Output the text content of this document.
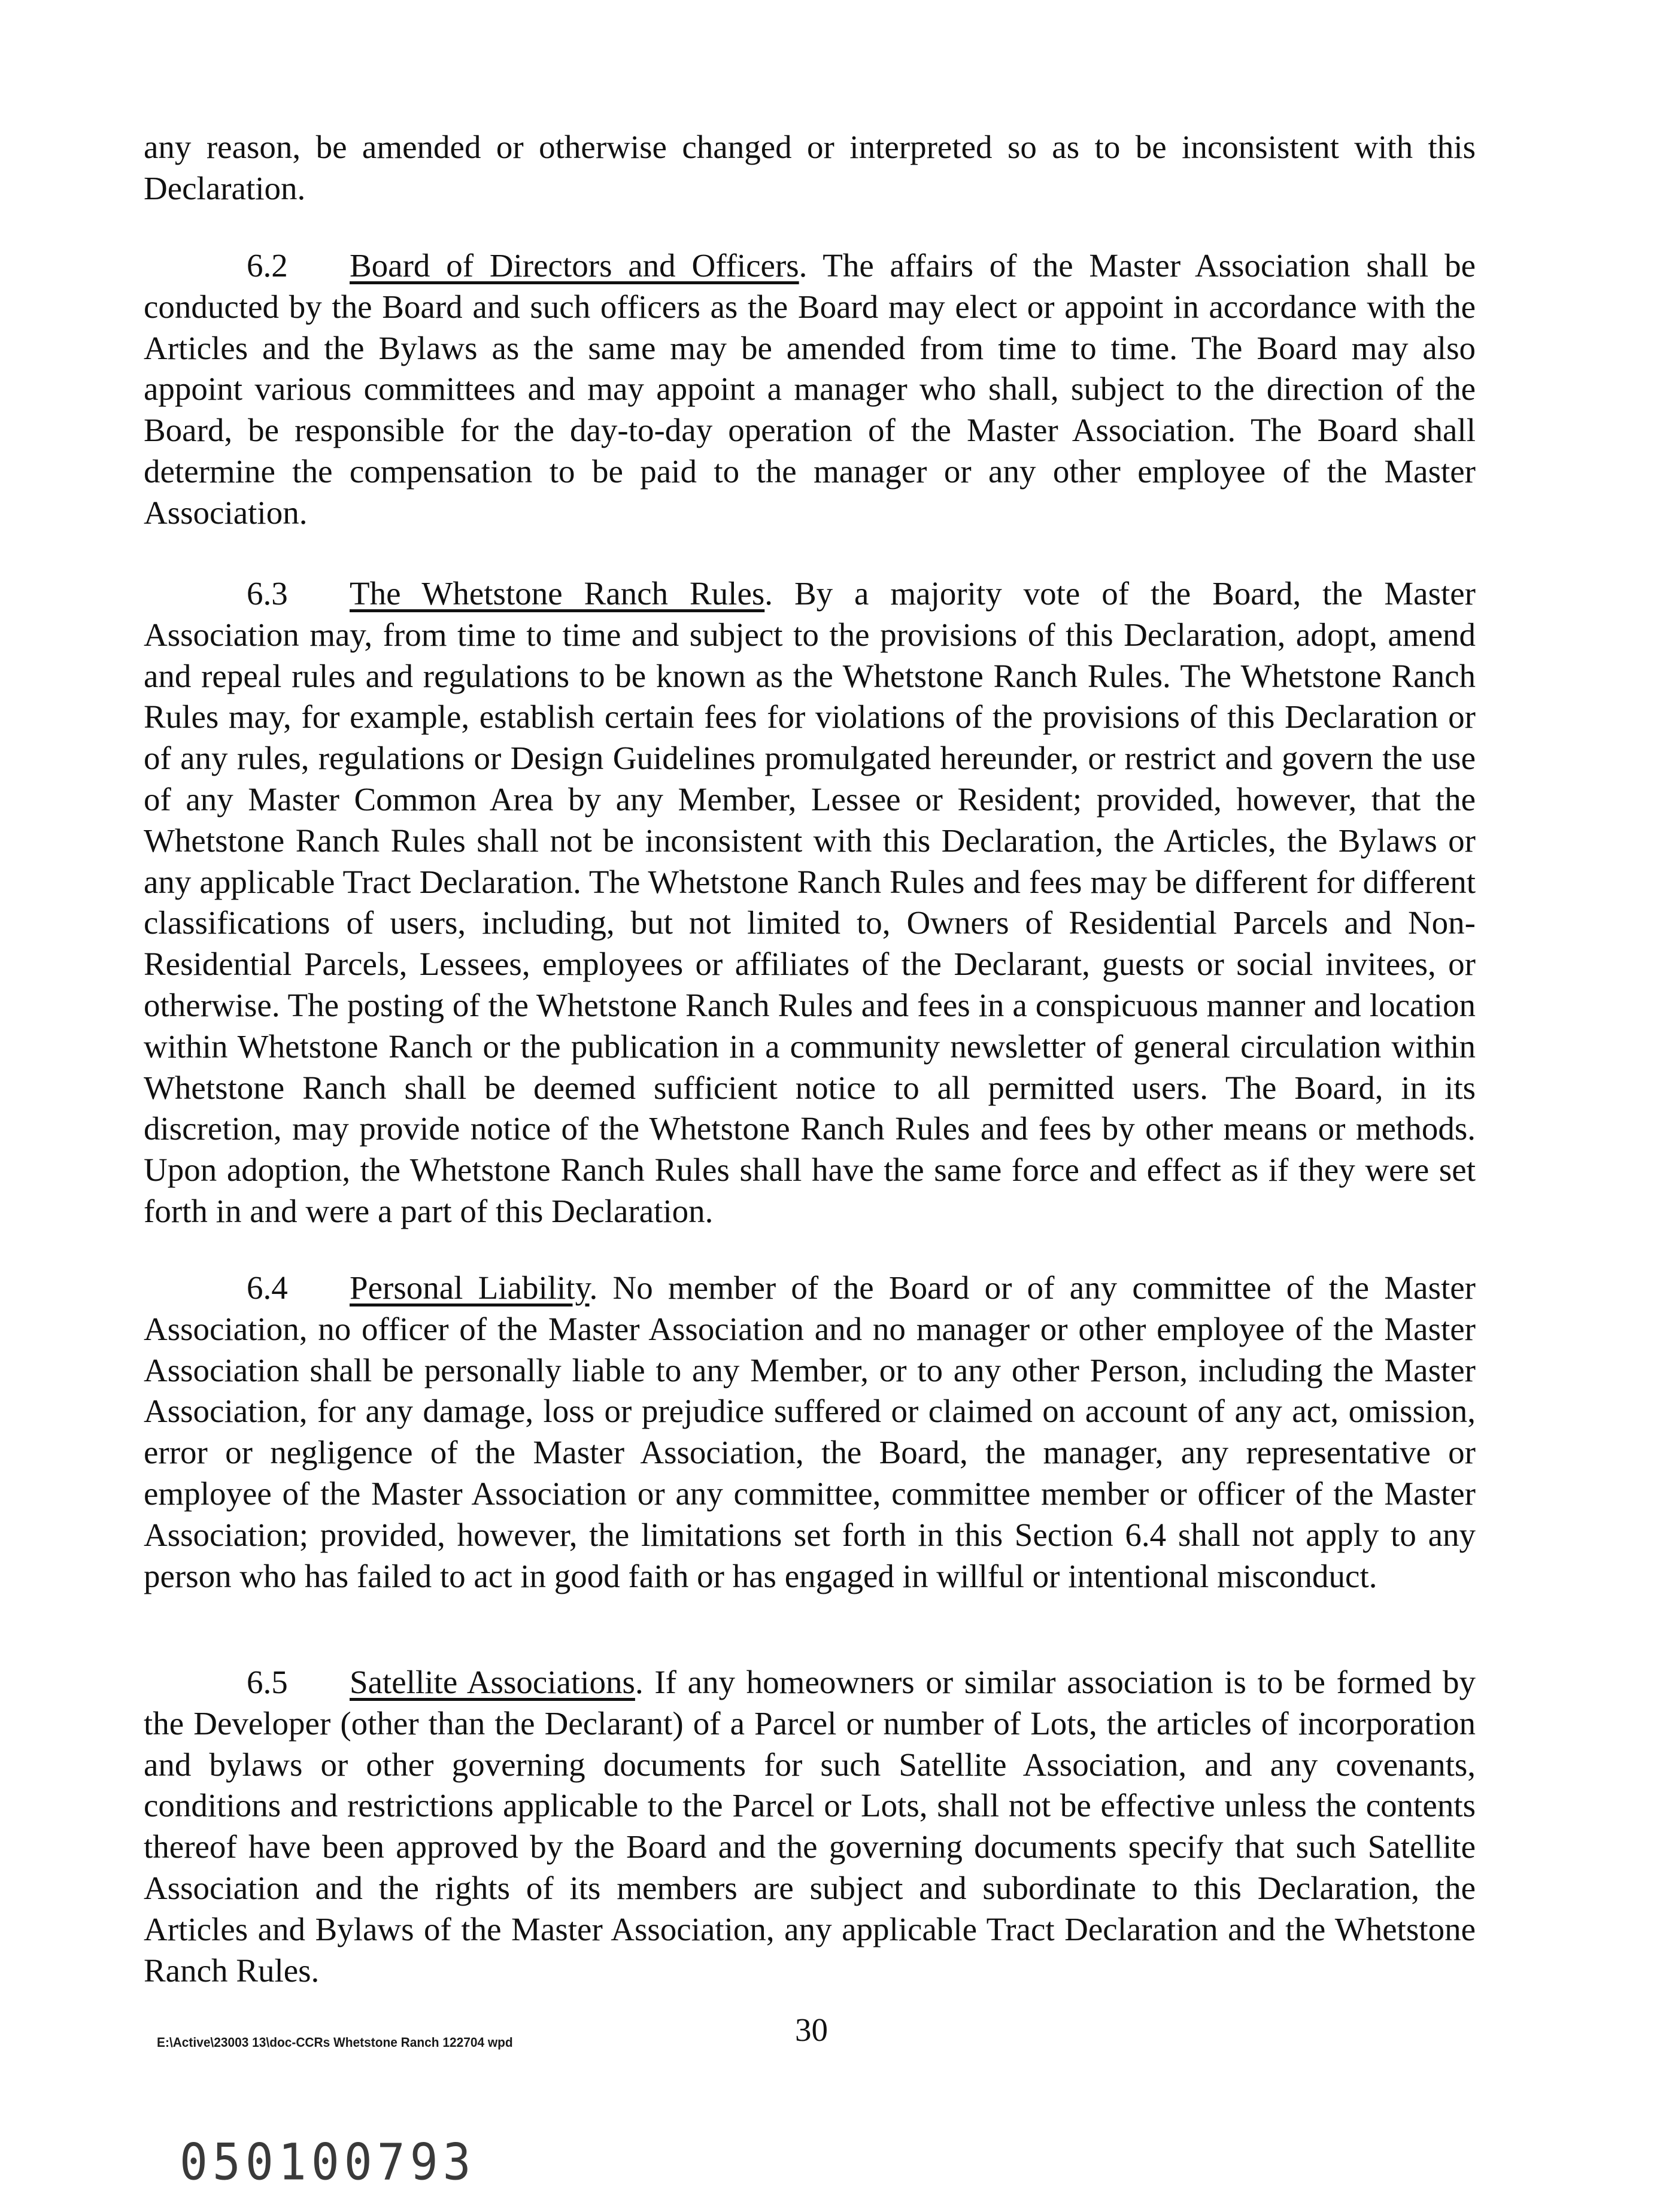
any reason, be amended or otherwise changed or interpreted so as to be inconsistent with this Declaration.

6.2 Board of Directors and Officers. The affairs of the Master Association shall be conducted by the Board and such officers as the Board may elect or appoint in accordance with the Articles and the Bylaws as the same may be amended from time to time. The Board may also appoint various committees and may appoint a manager who shall, subject to the direction of the Board, be responsible for the day-to-day operation of the Master Association. The Board shall determine the compensation to be paid to the manager or any other employee of the Master Association.

6.3 The Whetstone Ranch Rules. By a majority vote of the Board, the Master Association may, from time to time and subject to the provisions of this Declaration, adopt, amend and repeal rules and regulations to be known as the Whetstone Ranch Rules. The Whetstone Ranch Rules may, for example, establish certain fees for violations of the provisions of this Declaration or of any rules, regulations or Design Guidelines promulgated hereunder, or restrict and govern the use of any Master Common Area by any Member, Lessee or Resident; provided, however, that the Whetstone Ranch Rules shall not be inconsistent with this Declaration, the Articles, the Bylaws or any applicable Tract Declaration. The Whetstone Ranch Rules and fees may be different for different classifications of users, including, but not limited to, Owners of Residential Parcels and Non-Residential Parcels, Lessees, employees or affiliates of the Declarant, guests or social invitees, or otherwise. The posting of the Whetstone Ranch Rules and fees in a conspicuous manner and location within Whetstone Ranch or the publication in a community newsletter of general circulation within Whetstone Ranch shall be deemed sufficient notice to all permitted users. The Board, in its discretion, may provide notice of the Whetstone Ranch Rules and fees by other means or methods. Upon adoption, the Whetstone Ranch Rules shall have the same force and effect as if they were set forth in and were a part of this Declaration.

6.4 Personal Liability. No member of the Board or of any committee of the Master Association, no officer of the Master Association and no manager or other employee of the Master Association shall be personally liable to any Member, or to any other Person, including the Master Association, for any damage, loss or prejudice suffered or claimed on account of any act, omission, error or negligence of the Master Association, the Board, the manager, any representative or employee of the Master Association or any committee, committee member or officer of the Master Association; provided, however, the limitations set forth in this Section 6.4 shall not apply to any person who has failed to act in good faith or has engaged in willful or intentional misconduct.

6.5 Satellite Associations. If any homeowners or similar association is to be formed by the Developer (other than the Declarant) of a Parcel or number of Lots, the articles of incorporation and bylaws or other governing documents for such Satellite Association, and any covenants, conditions and restrictions applicable to the Parcel or Lots, shall not be effective unless the contents thereof have been approved by the Board and the governing documents specify that such Satellite Association and the rights of its members are subject and subordinate to this Declaration, the Articles and Bylaws of the Master Association, any applicable Tract Declaration and the Whetstone Ranch Rules.

E:\Active\23003 13\doc-CCRs Whetstone Ranch 122704 wpd	30
050100793
